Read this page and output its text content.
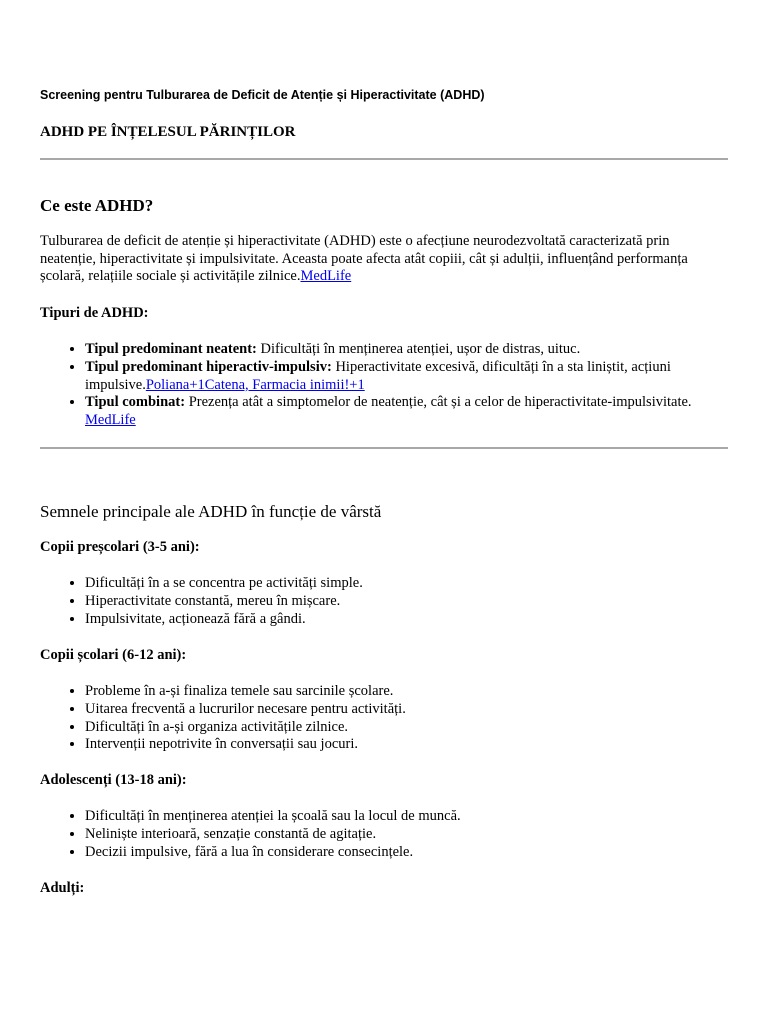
Screening pentru Tulburarea de Deficit de Atenție și Hiperactivitate (ADHD)
ADHD PE ÎNȚELESUL PĂRINȚILOR
Ce este ADHD?
Tulburarea de deficit de atenție și hiperactivitate (ADHD) este o afecțiune neurodezvoltată caracterizată prin neatenție, hiperactivitate și impulsivitate. Aceasta poate afecta atât copiii, cât și adulții, influențând performanța școlară, relațiile sociale și activitățile zilnice.MedLife
Tipuri de ADHD:
• Tipul predominant neatent: Dificultăți în menținerea atenției, ușor de distras, uituc.
• Tipul predominant hiperactiv-impulsiv: Hiperactivitate excesivă, dificultăți în a sta liniștit, acțiuni impulsive.Poliana+1Catena, Farmacia inimii!+1
• Tipul combinat: Prezența atât a simptomelor de neatenție, cât și a celor de hiperactivitate-impulsivitate.
MedLife
Semnele principale ale ADHD în funcție de vârstă
Copii preșcolari (3-5 ani):
• Dificultăți în a se concentra pe activități simple.
• Hiperactivitate constantă, mereu în mișcare.
• Impulsivitate, acționează fără a gândi.
Copii școlari (6-12 ani):
• Probleme în a-și finaliza temele sau sarcinile școlare.
• Uitarea frecventă a lucrurilor necesare pentru activități.
• Dificultăți în a-și organiza activitățile zilnice.
• Intervenții nepotrivite în conversații sau jocuri.
Adolescenți (13-18 ani):
• Dificultăți în menținerea atenției la școală sau la locul de muncă.
• Neliniște interioară, senzație constantă de agitație.
• Decizii impulsive, fără a lua în considerare consecințele.
Adulți:
